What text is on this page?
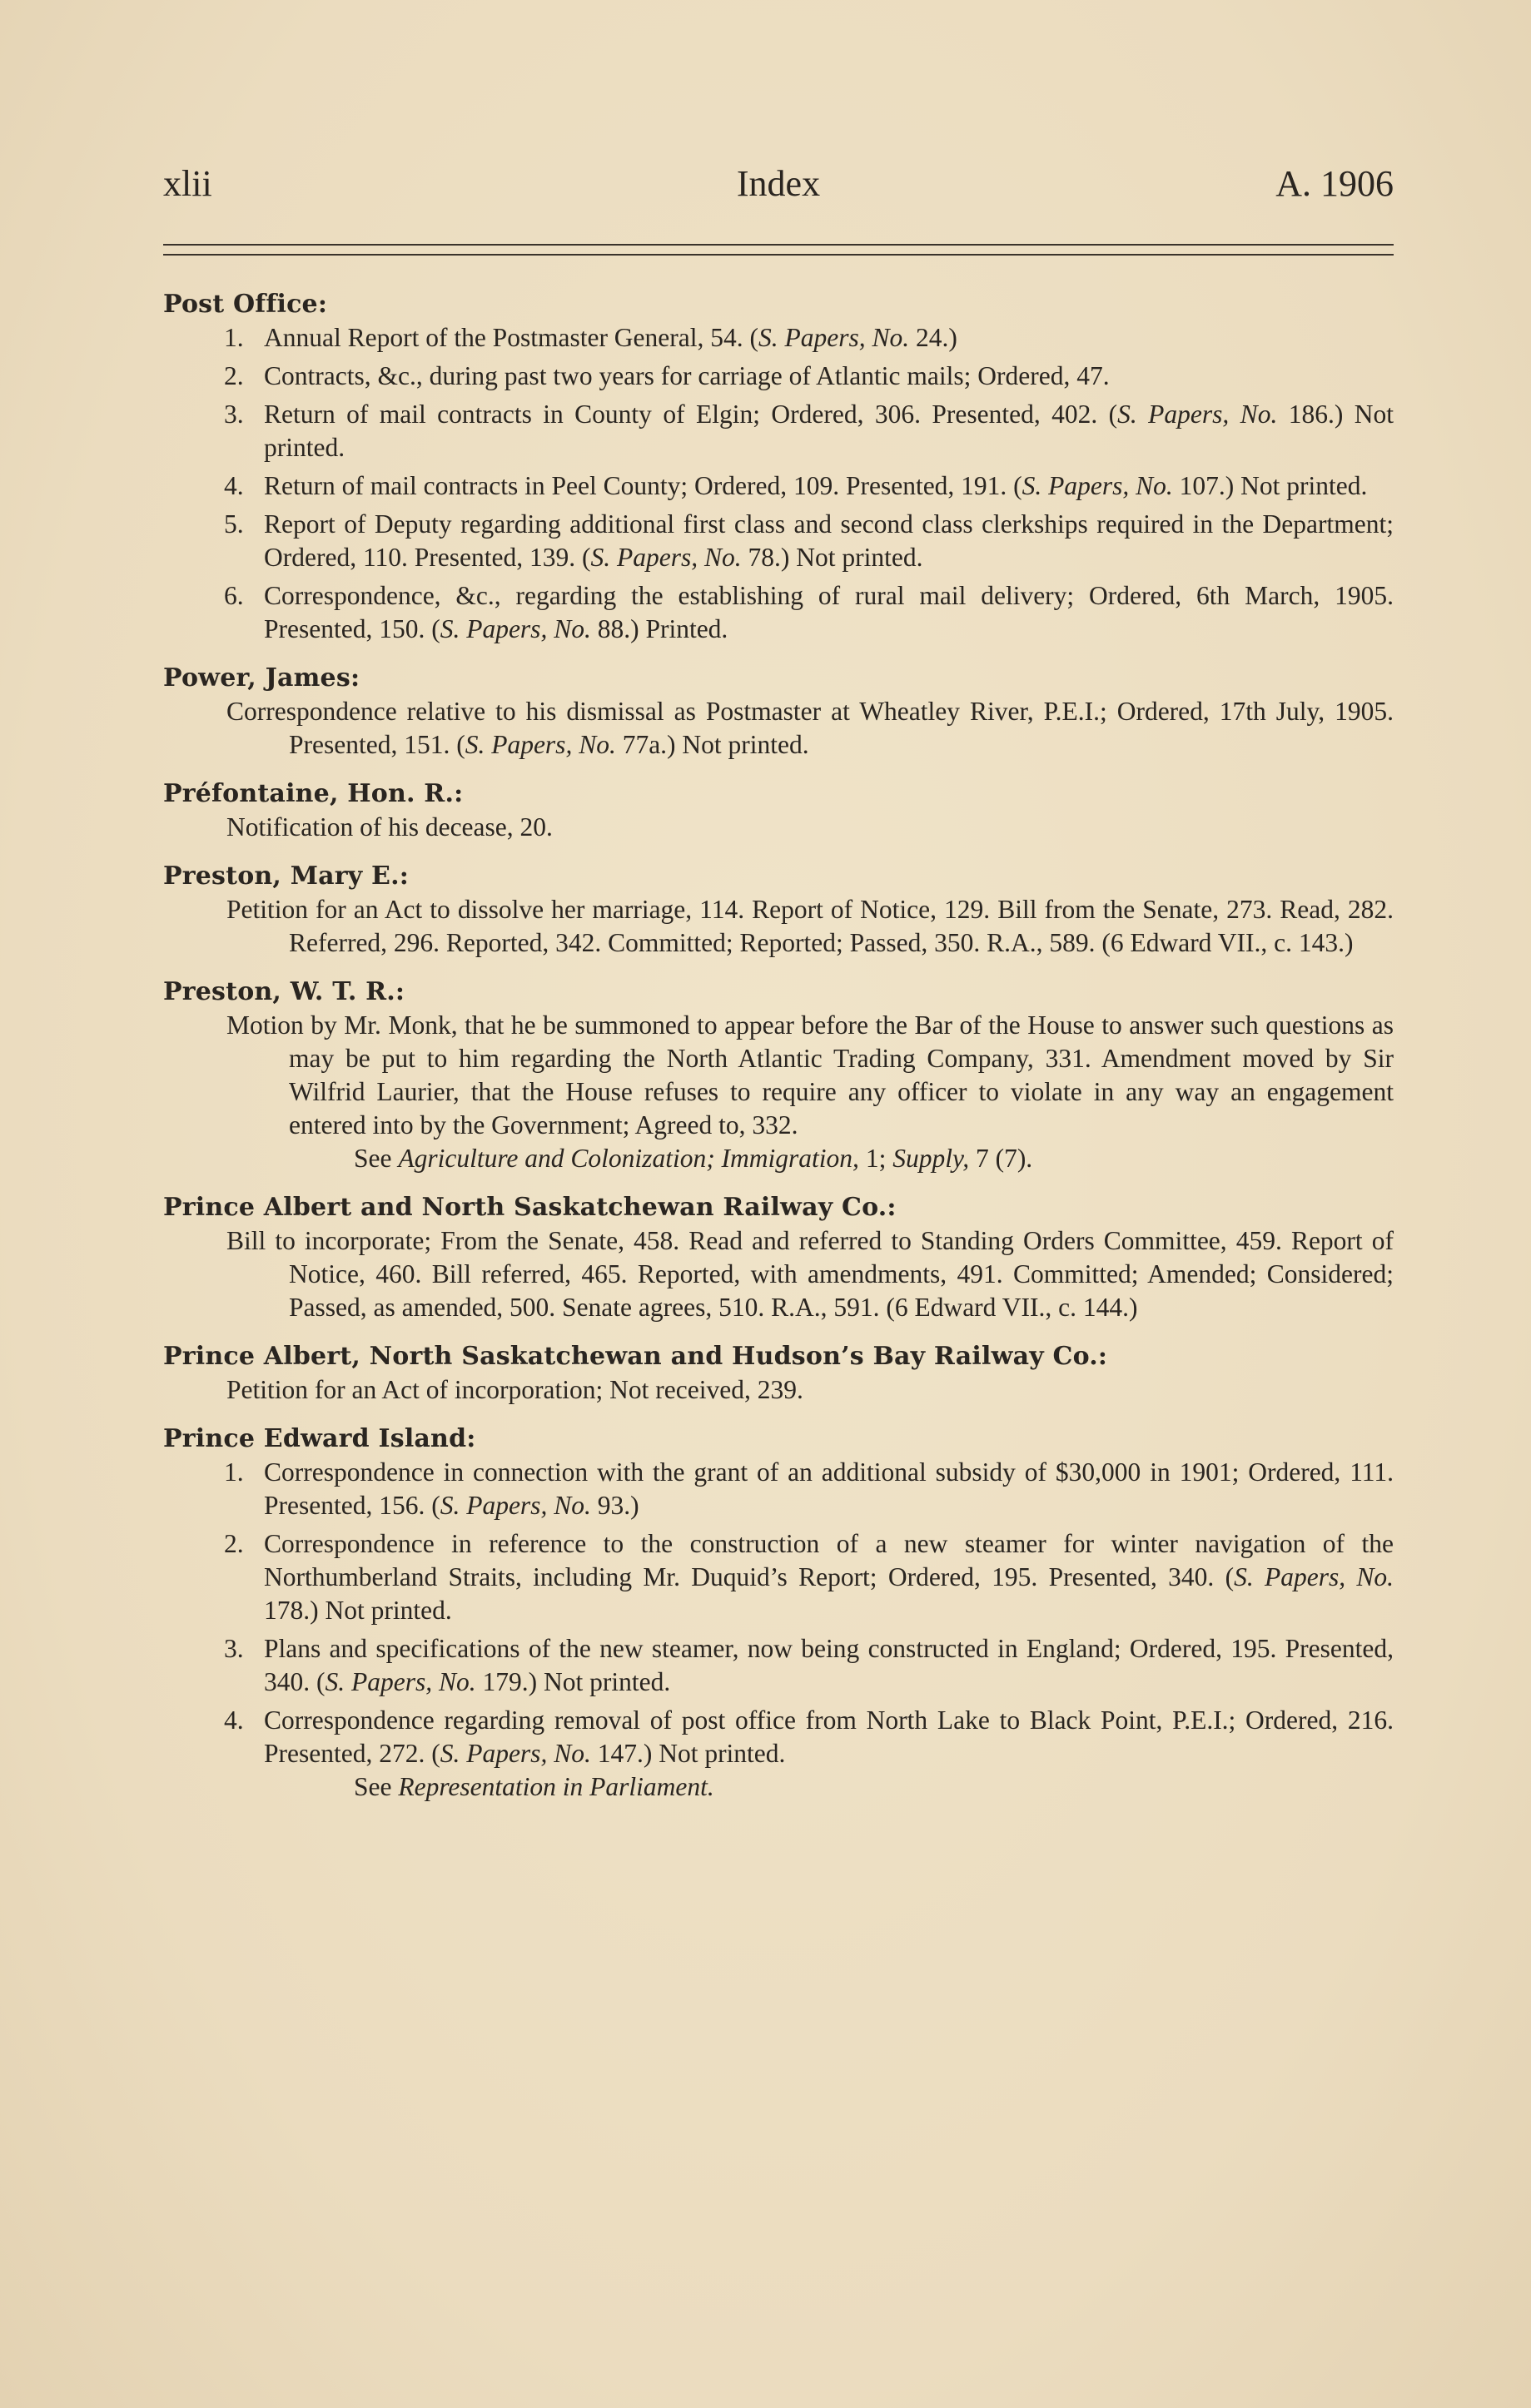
xlii	Index	A. 1906
Post Office:
1. Annual Report of the Postmaster General, 54. (S. Papers, No. 24.)
2. Contracts, &c., during past two years for carriage of Atlantic mails; Ordered, 47.
3. Return of mail contracts in County of Elgin; Ordered, 306. Presented, 402. (S. Papers, No. 186.) Not printed.
4. Return of mail contracts in Peel County; Ordered, 109. Presented, 191. (S. Papers, No. 107.) Not printed.
5. Report of Deputy regarding additional first class and second class clerkships required in the Department; Ordered, 110. Presented, 139. (S. Papers, No. 78.) Not printed.
6. Correspondence, &c., regarding the establishing of rural mail delivery; Ordered, 6th March, 1905. Presented, 150. (S. Papers, No. 88.) Printed.
Power, James:
Correspondence relative to his dismissal as Postmaster at Wheatley River, P.E.I.; Ordered, 17th July, 1905. Presented, 151. (S. Papers, No. 77a.) Not printed.
Préfontaine, Hon. R.:
Notification of his decease, 20.
Preston, Mary E.:
Petition for an Act to dissolve her marriage, 114. Report of Notice, 129. Bill from the Senate, 273. Read, 282. Referred, 296. Reported, 342. Committed; Reported; Passed, 350. R.A., 589. (6 Edward VII., c. 143.)
Preston, W. T. R.:
Motion by Mr. Monk, that he be summoned to appear before the Bar of the House to answer such questions as may be put to him regarding the North Atlantic Trading Company, 331. Amendment moved by Sir Wilfrid Laurier, that the House refuses to require any officer to violate in any way an engagement entered into by the Government; Agreed to, 332.
See Agriculture and Colonization; Immigration, 1; Supply, 7 (7).
Prince Albert and North Saskatchewan Railway Co.:
Bill to incorporate; From the Senate, 458. Read and referred to Standing Orders Committee, 459. Report of Notice, 460. Bill referred, 465. Reported, with amendments, 491. Committed; Amended; Considered; Passed, as amended, 500. Senate agrees, 510. R.A., 591. (6 Edward VII., c. 144.)
Prince Albert, North Saskatchewan and Hudson’s Bay Railway Co.:
Petition for an Act of incorporation; Not received, 239.
Prince Edward Island:
1. Correspondence in connection with the grant of an additional subsidy of $30,000 in 1901; Ordered, 111. Presented, 156. (S. Papers, No. 93.)
2. Correspondence in reference to the construction of a new steamer for winter navigation of the Northumberland Straits, including Mr. Duquid’s Report; Ordered, 195. Presented, 340. (S. Papers, No. 178.) Not printed.
3. Plans and specifications of the new steamer, now being constructed in England; Ordered, 195. Presented, 340. (S. Papers, No. 179.) Not printed.
4. Correspondence regarding removal of post office from North Lake to Black Point, P.E.I.; Ordered, 216. Presented, 272. (S. Papers, No. 147.) Not printed.
See Representation in Parliament.
